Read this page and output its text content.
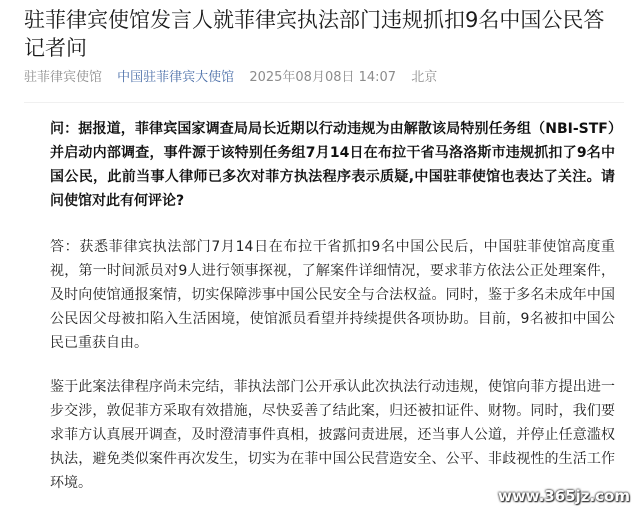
驻菲律宾使馆发言人就菲律宾执法部门违规抓扣9名中国公民答记者问
驻菲律宾使馆 中国驻菲律宾大使馆 2025年08月08日 14:07 北京

问：据报道，菲律宾国家调查局局长近期以行动违规为由解散该局特别任务组（NBI-STF）并启动内部调查，事件源于该特别任务组7月14日在布拉干省马洛洛斯市违规抓扣了9名中国公民，此前当事人律师已多次对菲方执法程序表示质疑,中国驻菲使馆也表达了关注。请问使馆对此有何评论?

答：获悉菲律宾执法部门7月14日在布拉干省抓扣9名中国公民后，中国驻菲使馆高度重视，第一时间派员对9人进行领事探视，了解案件详细情况，要求菲方依法公正处理案件，及时向使馆通报案情，切实保障涉事中国公民安全与合法权益。同时，鉴于多名未成年中国公民因父母被扣陷入生活困境，使馆派员看望并持续提供各项协助。目前，9名被扣中国公民已重获自由。

鉴于此案法律程序尚未完结，菲执法部门公开承认此次执法行动违规，使馆向菲方提出进一步交涉，敦促菲方采取有效措施，尽快妥善了结此案，归还被扣证件、财物。同时，我们要求菲方认真展开调查，及时澄清事件真相，披露问责进展，还当事人公道，并停止任意滥权执法，避免类似案件再次发生，切实为在菲中国公民营造安全、公平、非歧视性的生活工作环境。

www.365jz.com
